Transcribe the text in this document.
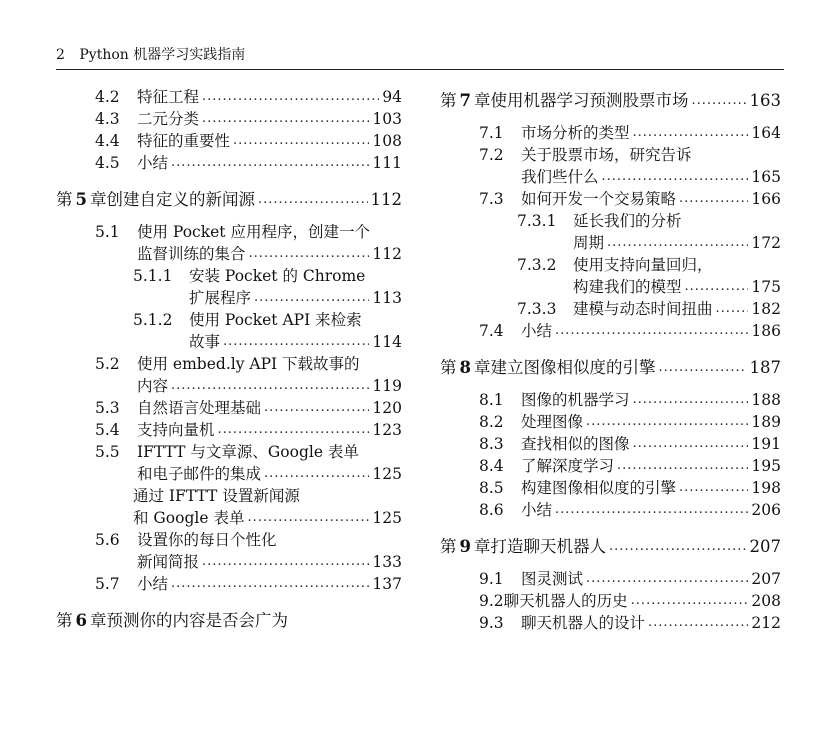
2 Python 机器学习实践指南
4.2	特征工程 .....	94
4.3	二元分类 .....	103
4.4	特征的重要性 .....	108
4.5	小结 .....	111
第 5 章创建自定义的新闻源 .....	112
5.1	使用 Pocket 应用程序，创建一个
监督训练的集合 .....	112
5.1.1	安装 Pocket 的 Chrome
扩展程序 .....	113
5.1.2	使用 Pocket API 来检索
故事 .....	114
5.2	使用 embed.ly API 下载故事的
内容 .....	119
5.3	自然语言处理基础 .....	120
5.4	支持向量机 .....	123
5.5	IFTTT 与文章源、Google 表单
和电子邮件的集成 .....	125
通过 IFTTT 设置新闻源
和 Google 表单 .....	125
5.6	设置你的每日个性化
新闻简报 .....	133
5.7	小结 .....	137
第 6 章预测你的内容是否会广为
第 7 章使用机器学习预测股票市场 .....	163
7.1	市场分析的类型 .....	164
7.2	关于股票市场，研究告诉
我们些什么 .....	165
7.3	如何开发一个交易策略 .....	166
7.3.1	延长我们的分析
周期 .....	172
7.3.2	使用支持向量回归，
构建我们的模型 .....	175
7.3.3	建模与动态时间扭曲 .....	182
7.4	小结 .....	186
第 8 章建立图像相似度的引擎 .....	187
8.1	图像的机器学习 .....	188
8.2	处理图像 .....	189
8.3	查找相似的图像 .....	191
8.4	了解深度学习 .....	195
8.5	构建图像相似度的引擎 .....	198
8.6	小结 .....	206
第 9 章打造聊天机器人 .....	207
9.1	图灵测试 .....	207
9.2 聊天机器人的历史 .....	208
9.3	聊天机器人的设计 .....	212
